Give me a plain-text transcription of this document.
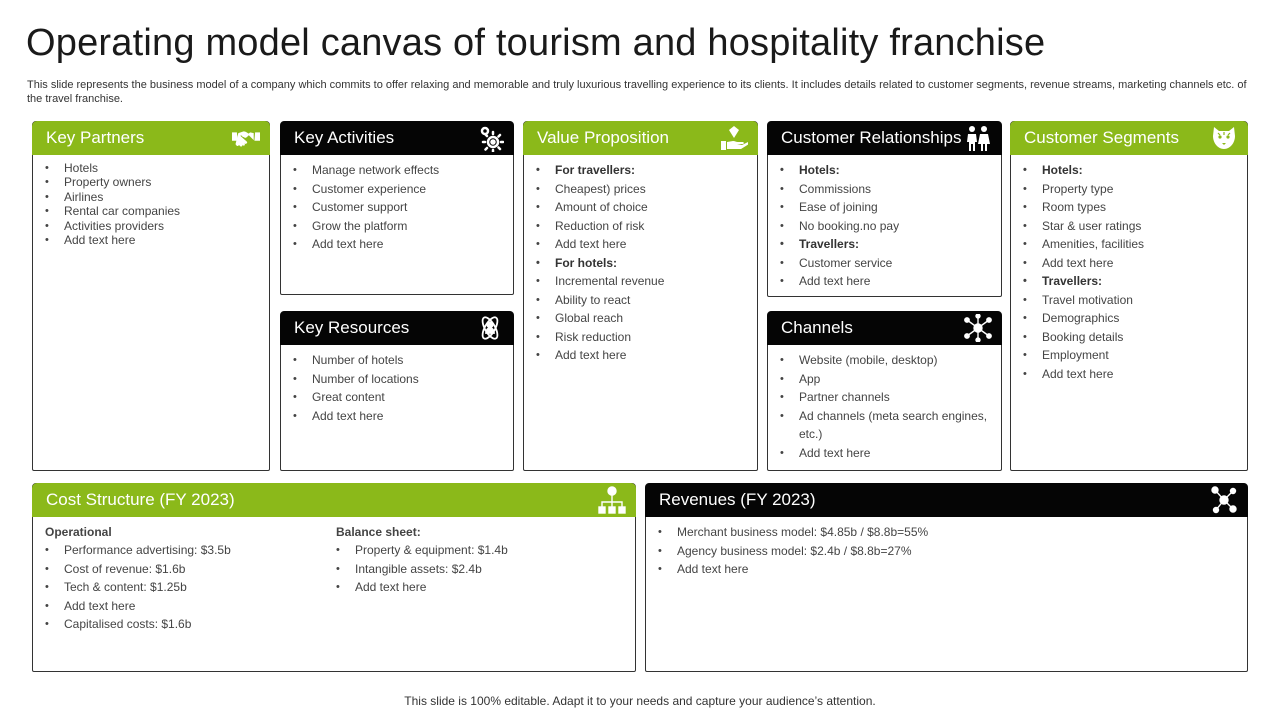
Operating model canvas of tourism and hospitality franchise

This slide represents the business model of a company which commits to offer relaxing and memorable and truly luxurious travelling experience to its clients. It includes details related to customer segments, revenue streams, marketing channels etc. of the travel franchise.

Key Partners
• Hotels
• Property owners
• Airlines
• Rental car companies
• Activities providers
• Add text here
Key Activities
• Manage network effects
• Customer experience
• Customer support
• Grow the platform
• Add text here
Key Resources
• Number of hotels
• Number of locations
• Great content
• Add text here
Value Proposition
• For travellers:
• Cheapest) prices
• Amount of choice
• Reduction of risk
• Add text here
• For hotels:
• Incremental revenue
• Ability to react
• Global reach
• Risk reduction
• Add text here
Customer Relationships
• Hotels:
• Commissions
• Ease of joining
• No booking.no pay
• Travellers:
• Customer service
• Add text here
Channels
• Website (mobile, desktop)
• App
• Partner channels
• Ad channels (meta search engines, etc.)
• Add text here
Customer Segments
• Hotels:
• Property type
• Room types
• Star & user ratings
• Amenities, facilities
• Add text here
• Travellers:
• Travel motivation
• Demographics
• Booking details
• Employment
• Add text here
Cost Structure (FY 2023)
Operational
• Performance advertising: $3.5b
• Cost of revenue: $1.6b
• Tech & content: $1.25b
• Add text here
• Capitalised costs: $1.6b
Balance sheet:
• Property & equipment: $1.4b
• Intangible assets: $2.4b
• Add text here
Revenues (FY 2023)
• Merchant business model: $4.85b / $8.8b=55%
• Agency business model: $2.4b / $8.8b=27%
• Add text here
This slide is 100% editable. Adapt it to your needs and capture your audience’s attention.
